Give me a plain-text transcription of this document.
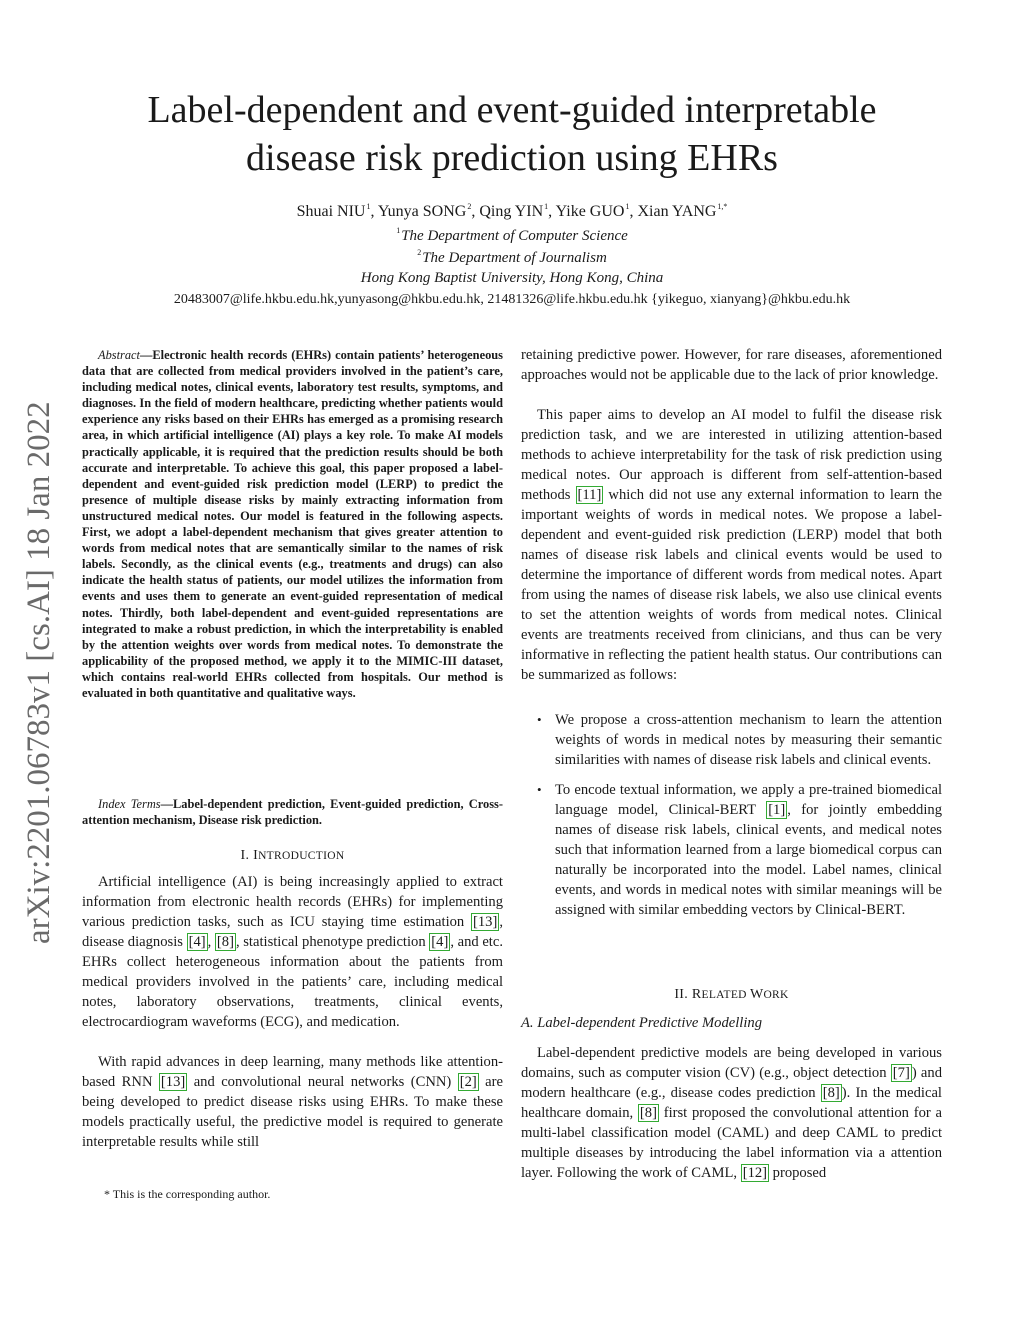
Label-dependent and event-guided interpretable
disease risk prediction using EHRs
Shuai NIU$^1$, Yunya SONG$^2$, Qing YIN$^1$, Yike GUO$^1$, Xian $YANG^{1,*}$
$^1$The Department of Computer Science
$^2$The Department of Journalism
Hong Kong Baptist University, Hong Kong, China
20483007@life.hkbu.edu.hk,yunyasong@hkbu.edu.hk, 21481326@life.hkbu.edu.hk {yikeguo, xianyang}@hkbu.edu.hk
arXiv:2201.06783v1 [cs.AI] 18 Jan 2022
Abstract—Electronic health records (EHRs) contain patients’ heterogeneous data that are collected from medical providers involved in the patient’s care, including medical notes, clinical events, laboratory test results, symptoms, and diagnoses. In the field of modern healthcare, predicting whether patients would experience any risks based on their EHRs has emerged as a promising research area, in which artificial intelligence (AI) plays a key role. To make AI models practically applicable, it is required that the prediction results should be both accurate and interpretable. To achieve this goal, this paper proposed a label-dependent and event-guided risk prediction model (LERP) to predict the presence of multiple disease risks by mainly extracting information from unstructured medical notes. Our model is featured in the following aspects. First, we adopt a label-dependent mechanism that gives greater attention to words from medical notes that are semantically similar to the names of risk labels. Secondly, as the clinical events (e.g., treatments and drugs) can also indicate the health status of patients, our model utilizes the information from events and uses them to generate an event-guided representation of medical notes. Thirdly, both label-dependent and event-guided representations are integrated to make a robust prediction, in which the interpretability is enabled by the attention weights over words from medical notes. To demonstrate the applicability of the proposed method, we apply it to the MIMIC-III dataset, which contains real-world EHRs collected from hospitals. Our method is evaluated in both quantitative and qualitative ways.
Index Terms—Label-dependent prediction, Event-guided prediction, Cross-attention mechanism, Disease risk prediction.
I. INTRODUCTION
Artificial intelligence (AI) is being increasingly applied to extract information from electronic health records (EHRs) for implementing various prediction tasks, such as ICU staying time estimation [13] , disease diagnosis [4] , [8] , statistical phenotype prediction [4] , and etc. EHRs collect heterogeneous information about the patients from medical providers involved in the patients’ care, including medical notes, laboratory observations, treatments, clinical events, electrocardiogram waveforms (ECG), and medication.
With rapid advances in deep learning, many methods like attention-based RNN [13] and convolutional neural networks (CNN) [2] are being developed to predict disease risks using EHRs. To make these models practically useful, the predictive model is required to generate interpretable results while still
* This is the corresponding author.
retaining predictive power. However, for rare diseases, aforementioned approaches would not be applicable due to the lack of prior knowledge.
This paper aims to develop an AI model to fulfil the disease risk prediction task, and we are interested in utilizing attention-based methods to achieve interpretability for the task of risk prediction using medical notes. Our approach is different from self-attention-based methods [11] which did not use any external information to learn the important weights of words in medical notes. We propose a label-dependent and event-guided risk prediction (LERP) model that both names of disease risk labels and clinical events would be used to determine the importance of different words from medical notes. Apart from using the names of disease risk labels, we also use clinical events to set the attention weights of words from medical notes. Clinical events are treatments received from clinicians, and thus can be very informative in reflecting the patient health status. Our contributions can be summarized as follows:
• We propose a cross-attention mechanism to learn the attention weights of words in medical notes by measuring their semantic similarities with names of disease risk labels and clinical events.
• To encode textual information, we apply a pre-trained biomedical language model, Clinical-BERT [1] , for jointly embedding names of disease risk labels, clinical events, and medical notes such that information learned from a large biomedical corpus can naturally be incorporated into the model. Label names, clinical events, and words in medical notes with similar meanings will be assigned with similar embedding vectors by Clinical-BERT.
II. RELATED WORK
A. Label-dependent Predictive Modelling
Label-dependent predictive models are being developed in various domains, such as computer vision (CV) (e.g., object detection [7] ) and modern healthcare (e.g., disease codes prediction [8] ). In the medical healthcare domain, [8] first proposed the convolutional attention for a multi-label classification model (CAML) and deep CAML to predict multiple diseases by introducing the label information via a attention layer. Following the work of CAML, [12] proposed
